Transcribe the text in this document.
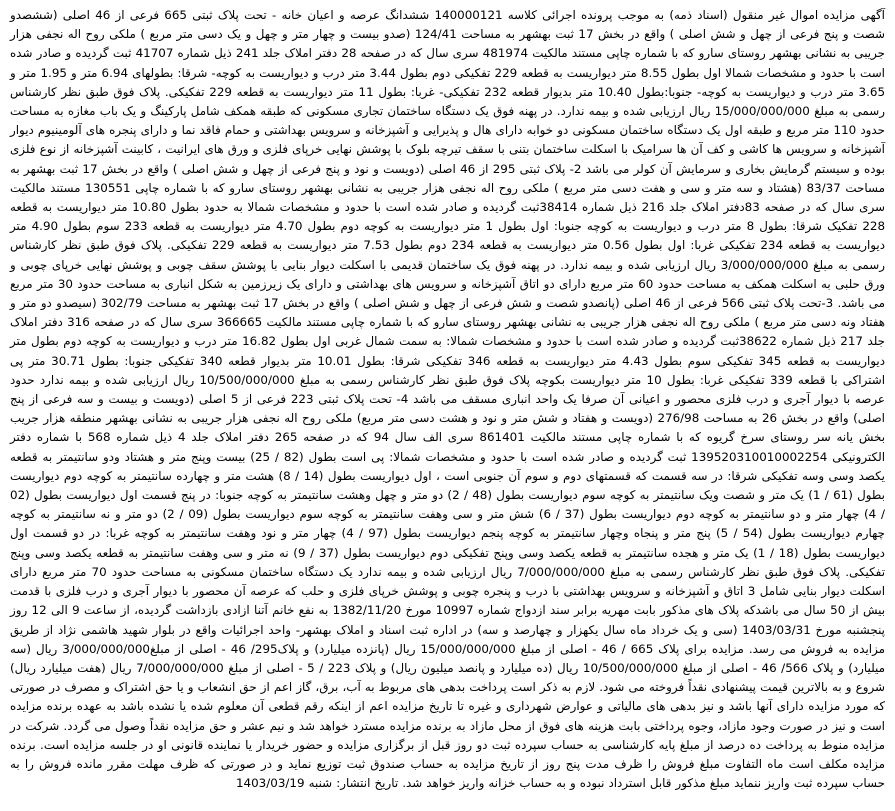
آگهی مزایده اموال غیر منقول (اسناد ذمه) به موجب پرونده اجرائی کلاسه 140000121 ششدانگ عرصه و اعیان خانه - تحت پلاک ثبتی 665 فرعی از 46 اصلی (ششصدو شصت و پنج فرعی از چهل و شش اصلی ) واقع در بخش 17 ثبت بهشهر به مساحت 124/41 (صدو بیست و چهار متر و چهل و یک دسی متر مربع ) ملکی روح اله نجفی هزار جریبی به نشانی بهشهر روستای سارو که با شماره چاپی مستند مالکیت 481974 سری سال که در صفحه 28 دفتر املاک جلد 241 ذیل شماره 41707 ثبت گردیده و صادر شده است با حدود و مشخصات شمالا اول بطول 8.55 متر دیواریست به قطعه 229 تفکیکی دوم بطول 3.44 متر درب و دیواریست به کوچه- شرقا: بطولهای 6.94 متر و 1.95 متر و 3.65 متر درب و دیواریست به کوچه- جنوبا:بطول 10.40 متر بدیوار قطعه 232 تفکیکی- غربا: بطول 11 متر دیواریست به قطعه 229 تفکیکی. پلاک فوق طبق نظر کارشناس رسمی به مبلغ 15/000/000/000 ریال ارزیابی شده و بیمه ندارد. در پهنه فوق یک دستگاه ساختمان تجاری مسکونی که طبقه همکف شامل پارکینگ و یک باب مغازه به مساحت حدود 110 متر مربع و طبقه اول یک دستگاه ساختمان مسکونی دو خوابه دارای هال و پذیرایی و آشپزخانه و سرویس بهداشتی و حمام فاقد نما و دارای پنجره های آلومینیوم دیوار آشپزخانه و سرویس ها کاشی و کف آن ها سرامیک با اسکلت ساختمان بتنی با سقف تیرچه بلوک با پوشش نهایی خرپای فلزی و ورق های ایرانیت ، کابینت آشپزخانه از نوع فلزی بوده و سیستم گرمایش بخاری و سرمایش آن کولر می باشد 2- پلاک ثبتی 295 از 46 اصلی (دویست و نود و پنج فرعی از چهل و شش اصلی ) واقع در بخش 17 ثبت بهشهر به مساحت 83/37 (هشتاد و سه متر و سی و هفت دسی متر مربع ) ملکی روح اله نجفی هزار جریبی به نشانی بهشهر روستای سارو که با شماره چاپی 130551 مستند مالکیت سری سال که در صفحه 83دفتر املاک جلد 216 ذیل شماره 38414ثبت گردیده و صادر شده است با حدود و مشخصات شمالا به حدود بطول 10.80 متر دیواریست به قطعه 228 تفکیک شرقا: بطول 8 متر درب و دیواریست به کوچه جنوبا: اول بطول 1 متر دیواریست به کوچه دوم بطول 4.70 متر دیواریست به قطعه 233 سوم بطول 4.90 متر دیواریست به قطعه 234 تفکیکی غربا: اول بطول 0.56 متر دیواریست به قطعه 234 دوم بطول 7.53 متر دیواریست به قطعه 229 تفکیکی. پلاک فوق طبق نظر کارشناس رسمی به مبلغ 3/000/000/000 ریال ارزیابی شده و بیمه ندارد. در پهنه فوق یک ساختمان قدیمی با اسکلت دیوار بنایی با پوشش سقف چوبی و پوشش نهایی خرپای چوبی و ورق حلبی به اسکلت همکف به مساحت حدود 60 متر مربع دارای دو اتاق آشپزخانه و سرویس های بهداشتی و دارای یک زیرزمین به شکل انباری به مساحت حدود 30 متر مربع می باشد. 3-تحت پلاک ثبتی 566 فرعی از 46 اصلی (پانصدو شصت و شش فرعی از چهل و شش اصلی ) واقع در بخش 17 ثبت بهشهر به مساحت 302/79 (سیصدو دو متر و هفتاد ونه دسی متر مربع ) ملکی روح اله نجفی هزار جریبی به نشانی بهشهر روستای سارو که با شماره چاپی مستند مالکیت 366665 سری سال که در صفحه 316 دفتر املاک جلد 217 ذیل شماره 38622ثبت گردیده و صادر شده است با حدود و مشخصات شمالا: به سمت شمال غربی اول بطول 16.82 متر درب و دیواریست به کوچه دوم بطول متر دیواریست به قطعه 345 تفکیکی سوم بطول 4.43 متر دیواریست به قطعه 346 تفکیکی شرقا: بطول 10.01 متر بدیوار قطعه 340 تفکیکی جنوبا: بطول 30.71 متر پی اشتراکی با قطعه 339 تفکیکی غربا: بطول 10 متر دیواریست بکوچه پلاک فوق طبق نظر کارشناس رسمی به مبلغ 10/500/000/000 ریال ارزیابی شده و بیمه ندارد حدود عرصه با دیوار آجری و درب فلزی محصور و اعیانی آن صرفا یک واحد انباری مسقف می باشد 4- تحت پلاک ثبتی 223 فرعی از 5 اصلی (دویست و بیست و سه فرعی از پنج اصلی) واقع در بخش 26 به مساحت 276/98 (دویست و هفتاد و شش متر و نود و هشت دسی متر مربع) ملکی روح اله نجفی هزار جریبی به نشانی بهشهر منطقه هزار جریب بخش یانه سر روستای سرخ گریوه که با شماره چاپی مستند مالکیت 861401 سری الف سال 94 که در صفحه 265 دفتر املاک جلد 4 ذیل شماره 568 با شماره دفتر الکترونیکی 139520310010002254 ثبت گردیده و صادر شده است با حدود و مشخصات شمالا: پی است بطول (82 / 25) بیست وپنج متر و هشتاد ودو سانتیمتر به قطعه یکصد وسی وسه تفکیکی شرقا: در سه قسمت که قسمتهای دوم و سوم آن جنوبی است ، اول دیواریست بطول (14 / 8) هشت متر و چهارده سانتیمتر به کوچه دوم دیواریست بطول (61 / 1) یک متر و شصت ویک سانتیمتر به کوچه سوم دیواریست بطول (48 / 2) دو متر و چهل وهشت سانتیمتر به کوچه جنوبا: در پنج قسمت اول دیواریست بطول (02 / 4) چهار متر و دو سانتیمتر به کوچه دوم دیواریست بطول (37 / 6) شش متر و سی وهفت سانتیمتر به کوچه سوم دیواریست بطول (09 / 2) دو متر و نه سانتیمتر به کوچه چهارم دیواریست بطول (54 / 5) پنج متر و پنجاه وچهار سانتیمتر به کوچه پنجم دیواریست بطول (97 / 4) چهار متر و نود وهفت سانتیمتر به کوچه غربا: در دو قسمت اول دیواریست بطول (18 / 1) یک متر و هجده سانتیمتر به قطعه یکصد وسی وپنج تفکیکی دوم دیواریست بطول (37 / 9) نه متر و سی وهفت سانتیمتر به قطعه یکصد وسی وپنج تفکیکی. پلاک فوق طبق نظر کارشناس رسمی به مبلغ 7/000/000/000 ریال ارزیابی شده و بیمه ندارد یک دستگاه ساختمان مسکونی به مساحت حدود 70 متر مربع دارای اسکلت دیوار بنایی شامل 3 اتاق و آشپزخانه و سرویس بهداشتی با درب و پنجره چوبی و پوشش خرپای فلزی و حلب که عرصه آن محصور با دیوار آجری و درب فلزی با قدمت بیش از 50 سال می باشدکه پلاک های مذکور بابت مهریه برابر سند ازدواج شماره 10997 مورخ 1382/11/20 به نفع خانم آتنا ازادی بازداشت گردیده، از ساعت 9 الی 12 روز پنجشنبه مورخ 1403/03/31 (سی و یک خرداد ماه سال یکهزار و چهارصد و سه) در اداره ثبت اسناد و املاک بهشهر- واحد اجرائیات واقع در بلوار شهید هاشمی نژاد از طریق مزایده به فروش می رسد. مزایده برای پلاک 665 / 46 - اصلی از مبلغ 15/000/000/000 ریال (پانزده میلیارد) و پلاک295/ 46 - اصلی از مبلغ3/000/000/000 ریال (سه میلیارد) و پلاک 566/ 46 - اصلی از مبلغ 10/500/000/000 ریال (ده میلیارد و پانصد میلیون ریال) و پلاک 223 / 5 - اصلی از مبلغ 7/000/000/000 ریال (هفت میلیارد ریال) شروع و به بالاترین قیمت پیشنهادی نقداً فروخته می شود. لازم به ذکر است پرداخت بدهی های مربوط به آب، برق، گاز اعم از حق انشعاب و یا حق اشتراک و مصرف در صورتی که مورد مزایده دارای آنها باشد و نیز بدهی های مالیاتی و عوارض شهرداری و غیره تا تاریخ مزایده اعم از اینکه رقم قطعی آن معلوم شده یا نشده باشد به عهده برنده مزایده است و نیز در صورت وجود مازاد، وجوه پرداختی بابت هزینه های فوق از محل مازاد به برنده مزایده مسترد خواهد شد و نیم عشر و حق مزایده نقداً وصول می گردد. شرکت در مزایده منوط به پرداخت ده درصد از مبلغ پایه کارشناسی به حساب سپرده ثبت دو روز قبل از برگزاری مزایده و حضور خریدار یا نماینده قانونی او در جلسه مزایده است. برنده مزایده مکلف است ماه التفاوت مبلغ فروش را ظرف مدت پنج روز از تاریخ مزایده به حساب صندوق ثبت توزیع نماید و در صورتی که ظرف مهلت مقرر مانده فروش را به حساب سپرده ثبت واریز ننماید مبلغ مذکور قابل استرداد نبوده و به حساب خزانه واریز خواهد شد. تاریخ انتشار: شنبه 1403/03/19
